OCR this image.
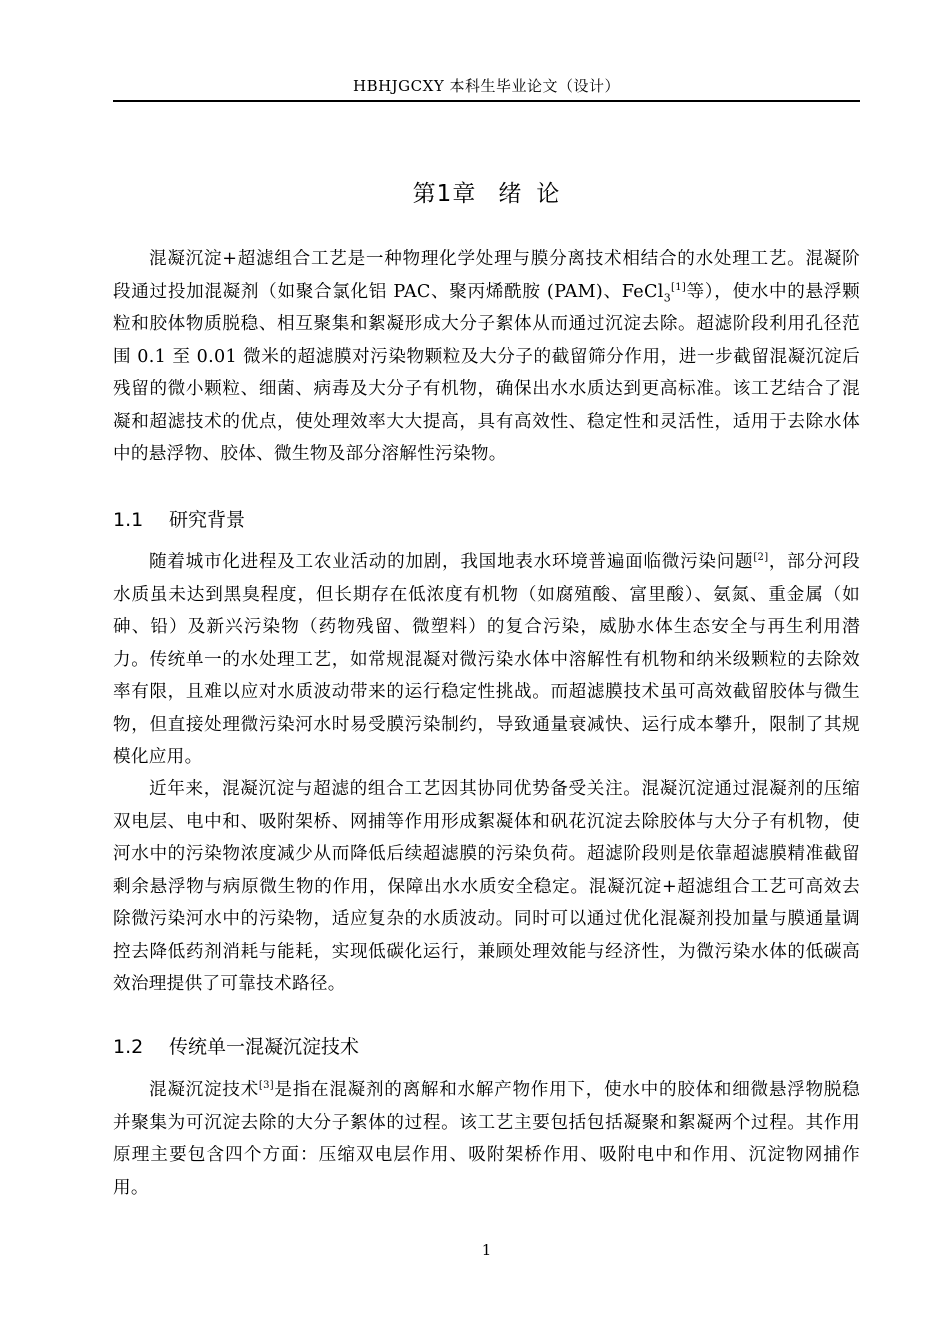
HBHJGCXY 本科生毕业论文（设计）
第1章 绪 论

混凝沉淀+超滤组合工艺是一种物理化学处理与膜分离技术相结合的水处理工艺。混凝阶段通过投加混凝剂（如聚合氯化铝 PAC、聚丙烯酰胺 (PAM)、FeCl$_3$[1]等），使水中的悬浮颗粒和胶体物质脱稳、相互聚集和絮凝形成大分子絮体从而通过沉淀去除。超滤阶段利用孔径范围 0.1 至 0.01 微米的超滤膜对污染物颗粒及大分子的截留筛分作用，进一步截留混凝沉淀后残留的微小颗粒、细菌、病毒及大分子有机物，确保出水水质达到更高标准。该工艺结合了混凝和超滤技术的优点，使处理效率大大提高，具有高效性、稳定性和灵活性，适用于去除水体中的悬浮物、胶体、微生物及部分溶解性污染物。

1.1 研究背景

随着城市化进程及工农业活动的加剧，我国地表水环境普遍面临微污染问题[2]，部分河段水质虽未达到黑臭程度，但长期存在低浓度有机物（如腐殖酸、富里酸）、氨氮、重金属（如砷、铅）及新兴污染物（药物残留、微塑料）的复合污染，威胁水体生态安全与再生利用潜力。传统单一的水处理工艺，如常规混凝对微污染水体中溶解性有机物和纳米级颗粒的去除效率有限，且难以应对水质波动带来的运行稳定性挑战。而超滤膜技术虽可高效截留胶体与微生物，但直接处理微污染河水时易受膜污染制约，导致通量衰减快、运行成本攀升，限制了其规模化应用。

近年来，混凝沉淀与超滤的组合工艺因其协同优势备受关注。混凝沉淀通过混凝剂的压缩双电层、电中和、吸附架桥、网捕等作用形成絮凝体和矾花沉淀去除胶体与大分子有机物，使河水中的污染物浓度减少从而降低后续超滤膜的污染负荷。超滤阶段则是依靠超滤膜精准截留剩余悬浮物与病原微生物的作用，保障出水水质安全稳定。混凝沉淀+超滤组合工艺可高效去除微污染河水中的污染物，适应复杂的水质波动。同时可以通过优化混凝剂投加量与膜通量调控去降低药剂消耗与能耗，实现低碳化运行，兼顾处理效能与经济性，为微污染水体的低碳高效治理提供了可靠技术路径。

1.2 传统单一混凝沉淀技术

混凝沉淀技术[3]是指在混凝剂的离解和水解产物作用下，使水中的胶体和细微悬浮物脱稳并聚集为可沉淀去除的大分子絮体的过程。该工艺主要包括包括凝聚和絮凝两个过程。其作用原理主要包含四个方面：压缩双电层作用、吸附架桥作用、吸附电中和作用、沉淀物网捕作用。

1
